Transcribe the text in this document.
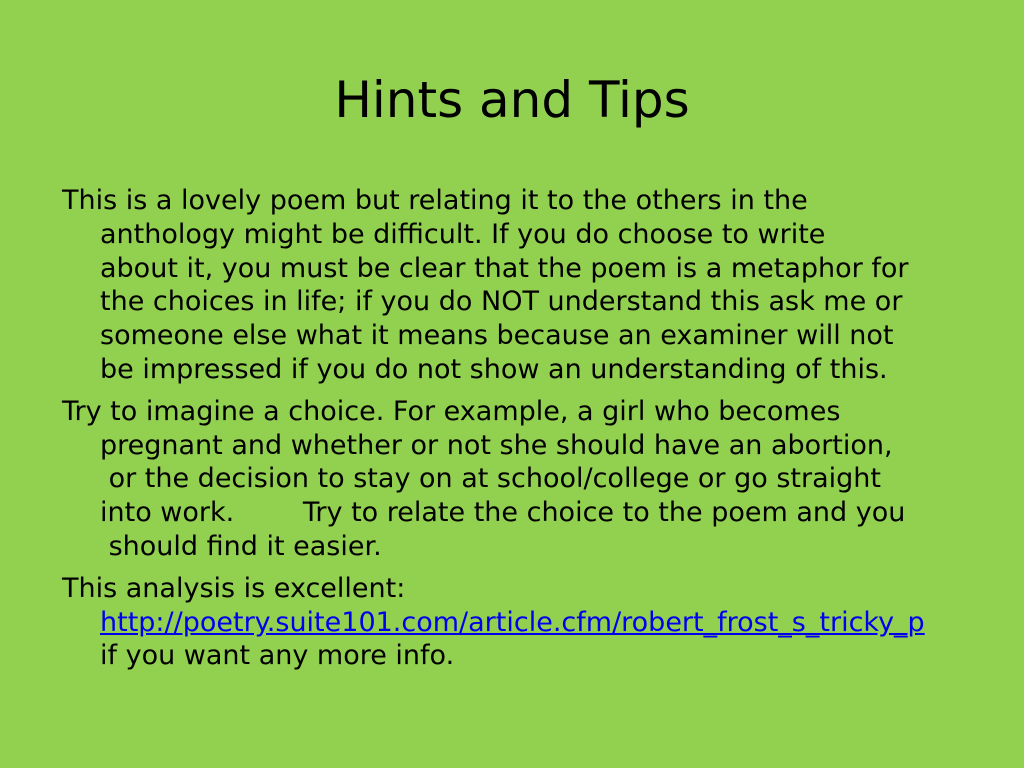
Hints and Tips
This is a lovely poem but relating it to the others in the
anthology might be difficult. If you do choose to write
about it, you must be clear that the poem is a metaphor for
the choices in life; if you do NOT understand this ask me or
someone else what it means because an examiner will not
be impressed if you do not show an understanding of this.
Try to imagine a choice. For example, a girl who becomes
pregnant and whether or not she should have an abortion,
or the decision to stay on at school/college or go straight
into work.        Try to relate the choice to the poem and you
should find it easier.
This analysis is excellent:
http://poetry.suite101.com/article.cfm/robert_frost_s_tricky_p
if you want any more info.
